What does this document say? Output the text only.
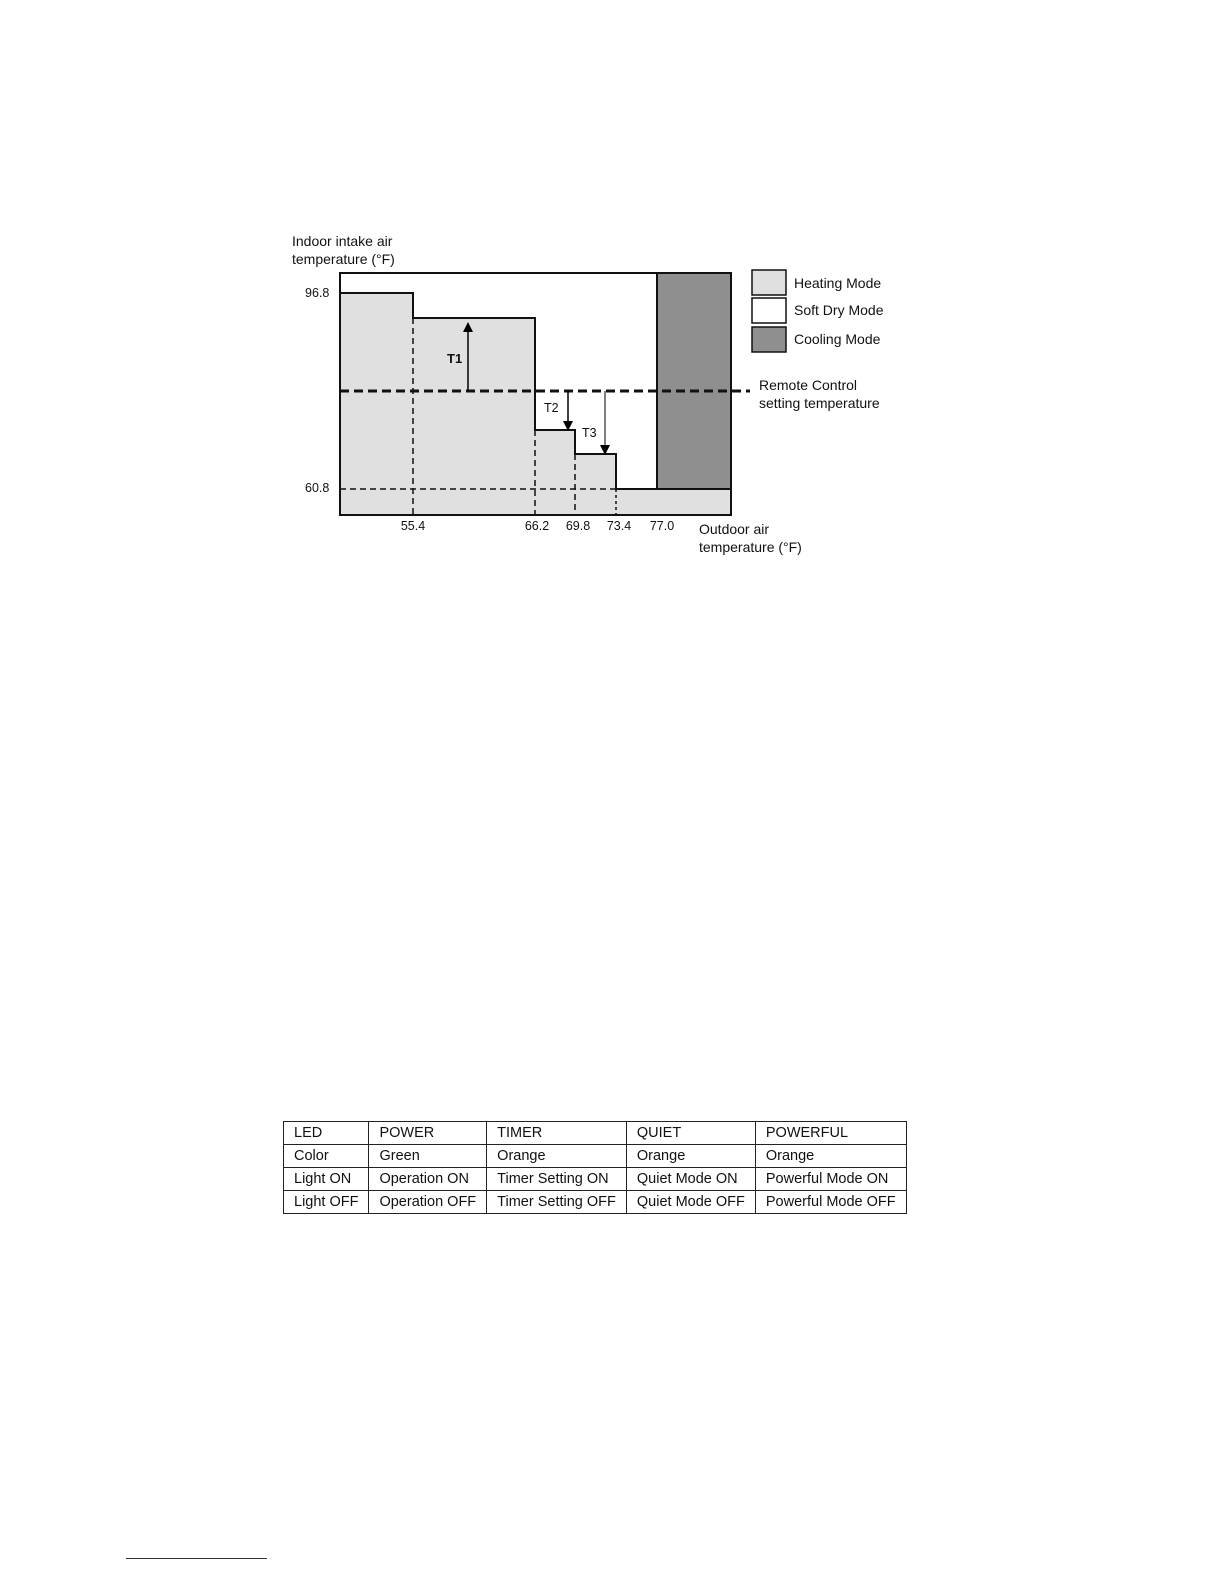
T1
T2
T3
Indoor intake air
temperature (°F)
96.8
60.8
55.4	66.2 69.8 73.4 77.0 Outdoor air
temperature (°F)
Remote Control
setting temperature
Heating Mode
Soft Dry Mode
Cooling Mode
LED	POWER	TIMER	QUIET	POWERFUL
Color	Green	Orange	Orange	Orange
Light ON	Operation ON	Timer Setting ON	Quiet Mode ON	Powerful Mode ON
Light OFF	Operation OFF	Timer Setting OFF	Quiet Mode OFF	Powerful Mode OFF
